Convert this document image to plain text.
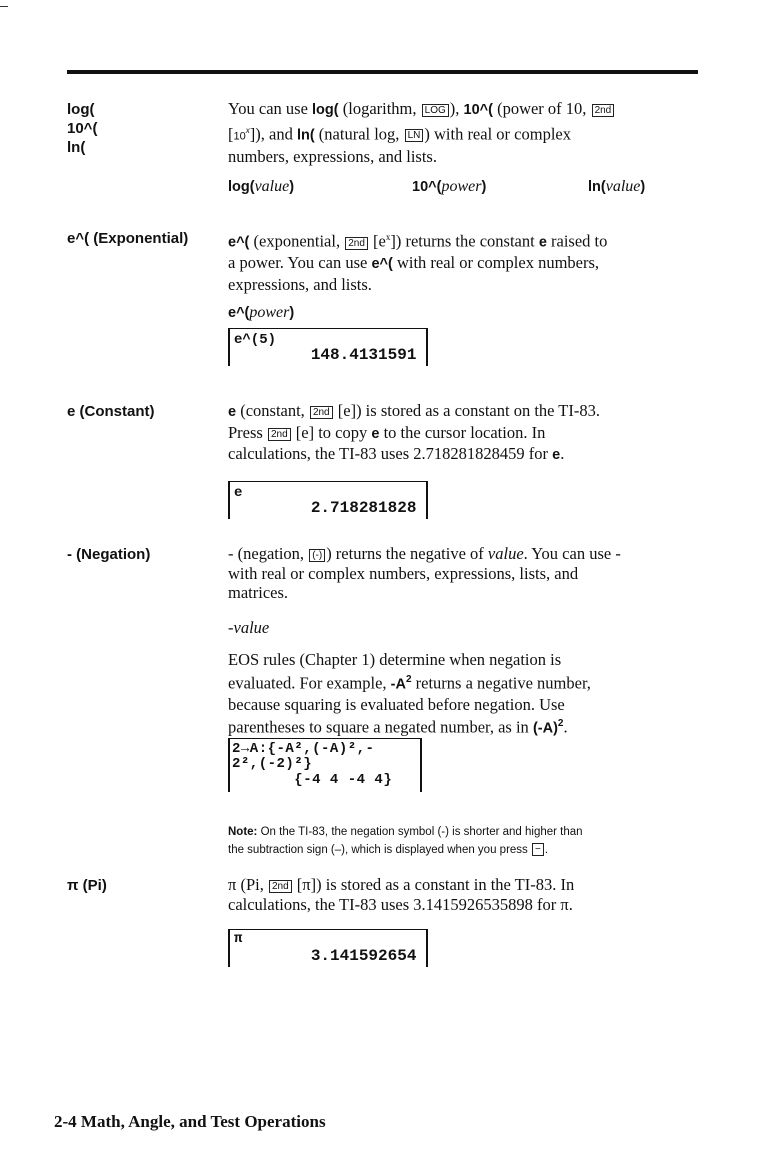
log(
10^(
ln(
You can use log( (logarithm, LOG ), 10^( (power of 10, 2nd
[10$^x$]), and ln( (natural log, LN ) with real or complex
numbers, expressions, and lists.
log(value)	10^(power)	ln(value)
e^( (Exponential)	e^( (exponential, 2nd $[e^x]$) returns the constant e raised to
a power. You can use e^( with real or complex numbers,
expressions, and lists.
e^(power)
e^(5)
148.4131591
e (Constant)	e (constant, 2nd [e]) is stored as a constant on the TI-83.
Press 2nd [e] to copy e to the cursor location. In
calculations, the TI-83 uses 2.718281828459 for e.
e
2.718281828
- (Negation)	- (negation, (-) ) returns the negative of value. You can use -
with real or complex numbers, expressions, lists, and
matrices.
-value
EOS rules (Chapter 1) determine when negation is
evaluated. For example, $-A^2$ returns a negative number,
because squaring is evaluated before negation. Use
parentheses to square a negated number, as in $(-A)^2$.
2→A:{-A²,(-A)²,-
2²,(-2)²}
{-4 4 -4 4}
Note: On the TI-83, the negation symbol (-) is shorter and higher than
the subtraction sign (–), which is displayed when you press − .
π (Pi)	π (Pi, 2nd [π]) is stored as a constant in the TI-83. In
calculations, the TI-83 uses 3.1415926535898 for π.
π
3.141592654
2-4 Math, Angle, and Test Operations
